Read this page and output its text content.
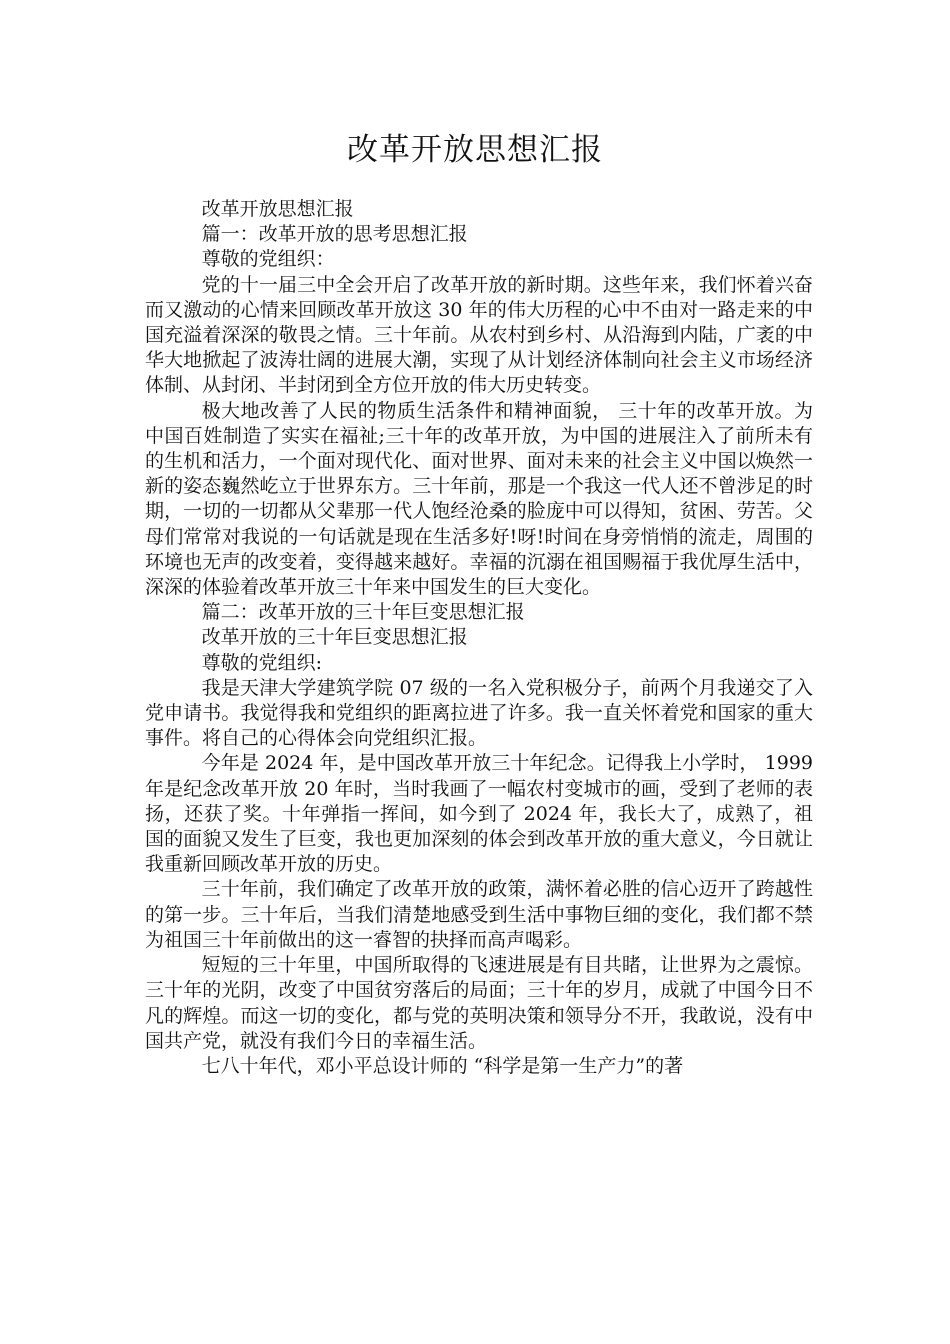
改革开放思想汇报

改革开放思想汇报

篇一：改革开放的思考思想汇报

尊敬的党组织：

党的十一届三中全会开启了改革开放的新时期。这些年来，我们怀着兴奋而又激动的心情来回顾改革开放这 30 年的伟大历程的心中不由对一路走来的中国充溢着深深的敬畏之情。三十年前。从农村到乡村、从沿海到内陆，广袤的中华大地掀起了波涛壮阔的进展大潮，实现了从计划经济体制向社会主义市场经济体制、从封闭、半封闭到全方位开放的伟大历史转变。

极大地改善了人民的物质生活条件和精神面貌， 三十年的改革开放。为中国百姓制造了实实在福祉;三十年的改革开放，为中国的进展注入了前所未有的生机和活力，一个面对现代化、面对世界、面对未来的社会主义中国以焕然一新的姿态巍然屹立于世界东方。三十年前，那是一个我这一代人还不曾涉足的时期，一切的一切都从父辈那一代人饱经沧桑的脸庞中可以得知，贫困、劳苦。父母们常常对我说的一句话就是现在生活多好!呀!时间在身旁悄悄的流走，周围的环境也无声的改变着，变得越来越好。幸福的沉溺在祖国赐福于我优厚生活中，深深的体验着改革开放三十年来中国发生的巨大变化。

篇二：改革开放的三十年巨变思想汇报

改革开放的三十年巨变思想汇报

尊敬的党组织:

我是天津大学建筑学院 07 级的一名入党积极分子，前两个月我递交了入党申请书。我觉得我和党组织的距离拉进了许多。我一直关怀着党和国家的重大事件。将自己的心得体会向党组织汇报。

今年是 2024 年，是中国改革开放三十年纪念。记得我上小学时， 1999 年是纪念改革开放 20 年时，当时我画了一幅农村变城市的画，受到了老师的表扬，还获了奖。十年弹指一挥间，如今到了 2024 年，我长大了，成熟了，祖国的面貌又发生了巨变，我也更加深刻的体会到改革开放的重大意义，今日就让我重新回顾改革开放的历史。

三十年前，我们确定了改革开放的政策，满怀着必胜的信心迈开了跨越性的第一步。三十年后，当我们清楚地感受到生活中事物巨细的变化，我们都不禁为祖国三十年前做出的这一睿智的抉择而高声喝彩。

短短的三十年里，中国所取得的飞速进展是有目共睹，让世界为之震惊。三十年的光阴，改变了中国贫穷落后的局面；三十年的岁月，成就了中国今日不凡的辉煌。而这一切的变化，都与党的英明决策和领导分不开，我敢说，没有中国共产党，就没有我们今日的幸福生活。

七八十年代，邓小平总设计师的 “科学是第一生产力”的著
